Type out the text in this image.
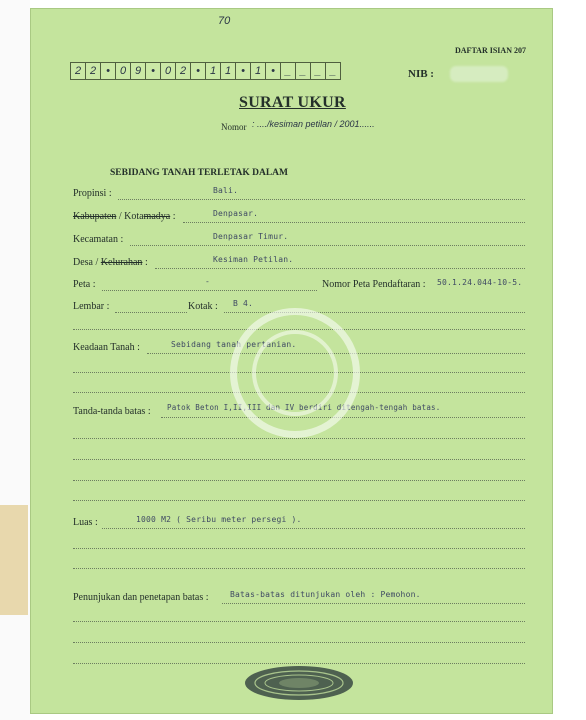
DAFTAR ISIAN 207
70
2 2 • 0 9 • 0 2 • 1 1 • 1 • _ _ _ _	NIB :
SURAT UKUR
Nomor : ..../kesiman petilan / 2001......
SEBIDANG TANAH TERLETAK DALAM
Propinsi :	Bali.
Kabupaten / Kotamadya :	Denpasar.
Kecamatan :	Denpasar Timur.
Desa / Kelurahan :	Kesiman Petilan.
Peta :	-	Nomor Peta Pendaftaran : 50.1.24.044-10-5.
Lembar :	Kotak : B 4.
Keadaan Tanah :	Sebidang tanah pertanian.
Tanda-tanda batas : Patok Beton I,II,III dan IV berdiri ditengah-tengah batas.
Luas :	1000 M2 ( Seribu meter persegi ).
Penunjukan dan penetapan batas :	Batas-batas ditunjukan oleh : Pemohon.
